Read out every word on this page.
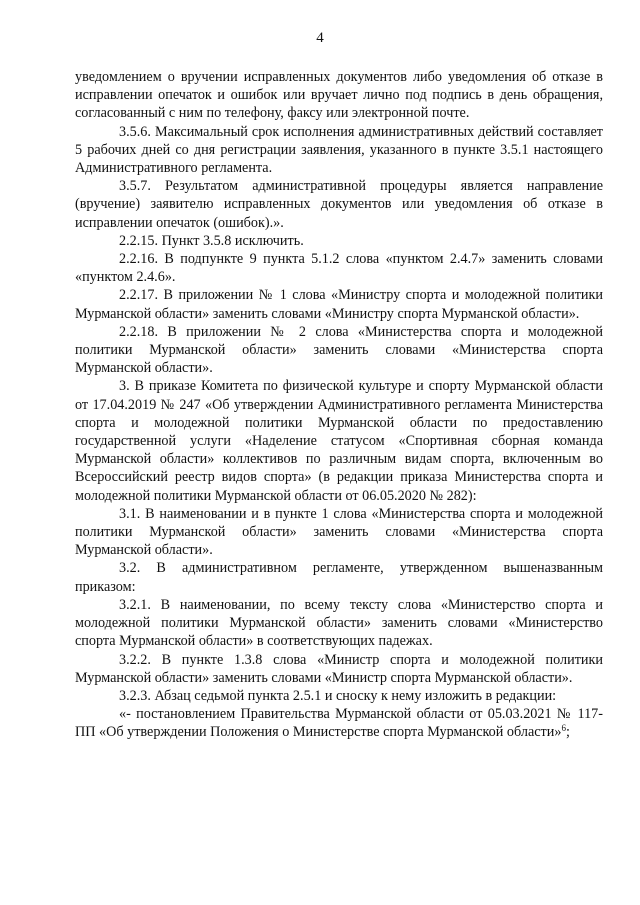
4

уведомлением о вручении исправленных документов либо уведомления об отказе в исправлении опечаток и ошибок или вручает лично под подпись в день обращения, согласованный с ним по телефону, факсу или электронной почте.

3.5.6. Максимальный срок исполнения административных действий составляет 5 рабочих дней со дня регистрации заявления, указанного в пункте 3.5.1 настоящего Административного регламента.

3.5.7. Результатом административной процедуры является направление (вручение) заявителю исправленных документов или уведомления об отказе в исправлении опечаток (ошибок).».

2.2.15. Пункт 3.5.8 исключить.

2.2.16. В подпункте 9 пункта 5.1.2 слова «пунктом 2.4.7» заменить словами «пунктом 2.4.6».

2.2.17. В приложении № 1 слова «Министру спорта и молодежной политики Мурманской области» заменить словами «Министру спорта Мурманской области».

2.2.18. В приложении № 2 слова «Министерства спорта и молодежной политики Мурманской области» заменить словами «Министерства спорта Мурманской области».

3. В приказе Комитета по физической культуре и спорту Мурманской области от 17.04.2019 № 247 «Об утверждении Административного регламента Министерства спорта и молодежной политики Мурманской области по предоставлению государственной услуги «Наделение статусом «Спортивная сборная команда Мурманской области» коллективов по различным видам спорта, включенным во Всероссийский реестр видов спорта» (в редакции приказа Министерства спорта и молодежной политики Мурманской области от 06.05.2020 № 282):

3.1. В наименовании и в пункте 1 слова «Министерства спорта и молодежной политики Мурманской области» заменить словами «Министерства спорта Мурманской области».

3.2. В административном регламенте, утвержденном вышеназванным приказом:

3.2.1. В наименовании, по всему тексту слова «Министерство спорта и молодежной политики Мурманской области» заменить словами «Министерство спорта Мурманской области» в соответствующих падежах.

3.2.2. В пункте 1.3.8 слова «Министр спорта и молодежной политики Мурманской области» заменить словами «Министр спорта Мурманской области».

3.2.3. Абзац седьмой пункта 2.5.1 и сноску к нему изложить в редакции:

«- постановлением Правительства Мурманской области от 05.03.2021 № 117-ПП «Об утверждении Положения о Министерстве спорта Мурманской области»$^6$;
